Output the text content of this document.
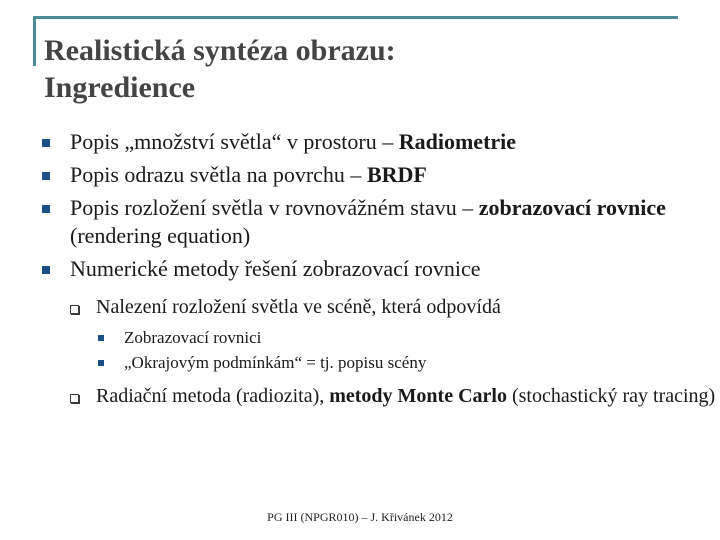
Realistická syntéza obrazu:
Ingredience
Popis „množství světla“ v prostoru – Radiometrie
Popis odrazu světla na povrchu – BRDF
Popis rozložení světla v rovnovážném stavu – zobrazovací rovnice (rendering equation)
Numerické metody řešení zobrazovací rovnice
Nalezení rozložení světla ve scéně, která odpovídá
Zobrazovací rovnici
„Okrajovým podmínkám“ = tj. popisu scény
Radiační metoda (radiozita), metody Monte Carlo (stochastický ray tracing)
PG III (NPGR010) – J. Křivánek 2012
